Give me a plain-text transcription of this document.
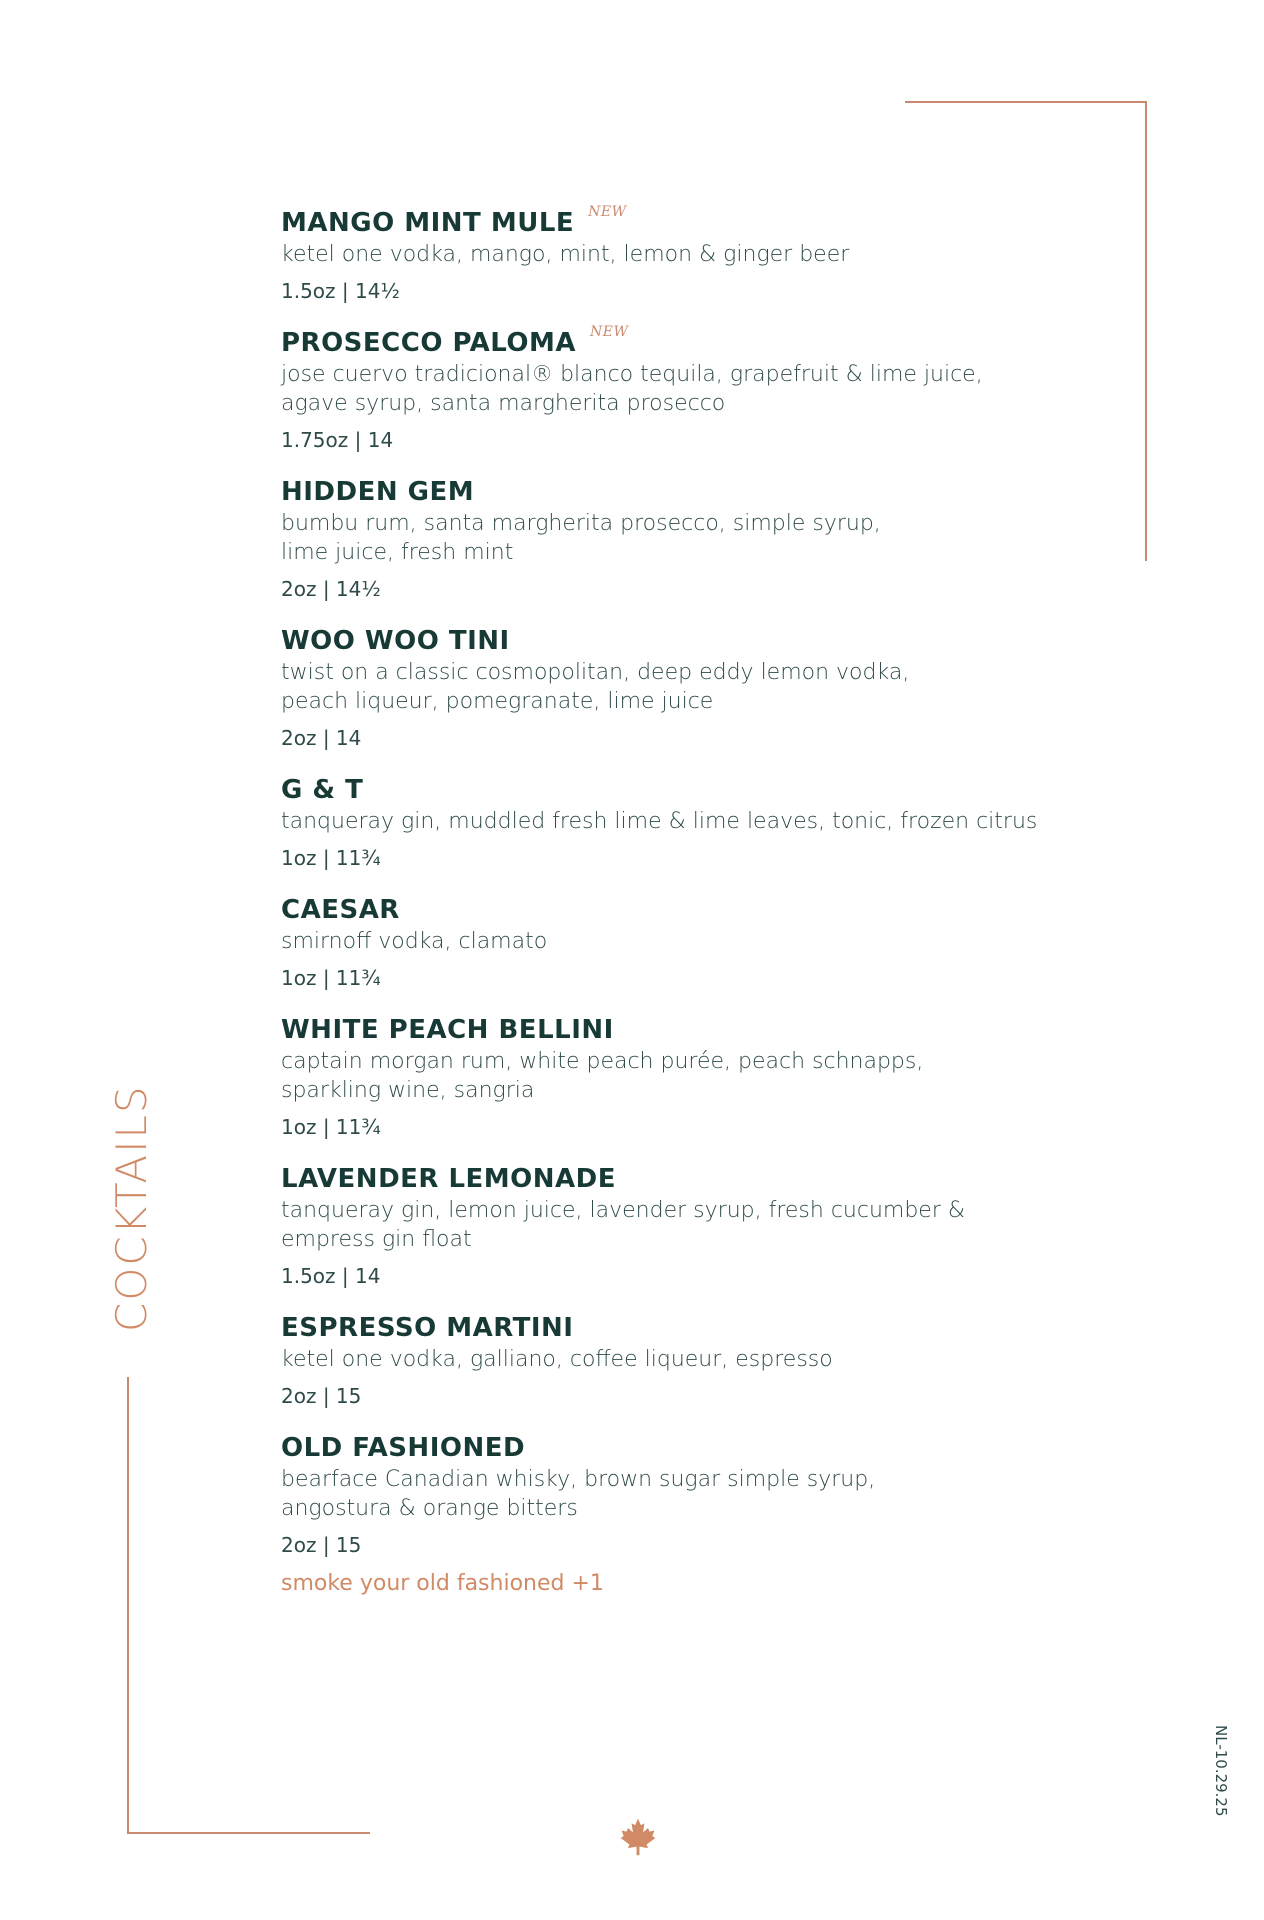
COCKTAILS
MANGO MINT MULE NEW
ketel one vodka, mango, mint, lemon & ginger beer
1.5oz | 14½
PROSECCO PALOMA NEW
jose cuervo tradicional® blanco tequila, grapefruit & lime juice,
agave syrup, santa margherita prosecco
1.75oz | 14
HIDDEN GEM
bumbu rum, santa margherita prosecco, simple syrup,
lime juice, fresh mint
2oz | 14½
WOO WOO TINI
twist on a classic cosmopolitan, deep eddy lemon vodka,
peach liqueur, pomegranate, lime juice
2oz | 14
G & T
tanqueray gin, muddled fresh lime & lime leaves, tonic, frozen citrus
1oz | 11¾
CAESAR
smirnoff vodka, clamato
1oz | 11¾
WHITE PEACH BELLINI
captain morgan rum, white peach purée, peach schnapps,
sparkling wine, sangria
1oz | 11¾
LAVENDER LEMONADE
tanqueray gin, lemon juice, lavender syrup, fresh cucumber &
empress gin float
1.5oz | 14
ESPRESSO MARTINI
ketel one vodka, galliano, coffee liqueur, espresso
2oz | 15
OLD FASHIONED
bearface Canadian whisky, brown sugar simple syrup,
angostura & orange bitters
2oz | 15
smoke your old fashioned +1
NL-10.29.25
